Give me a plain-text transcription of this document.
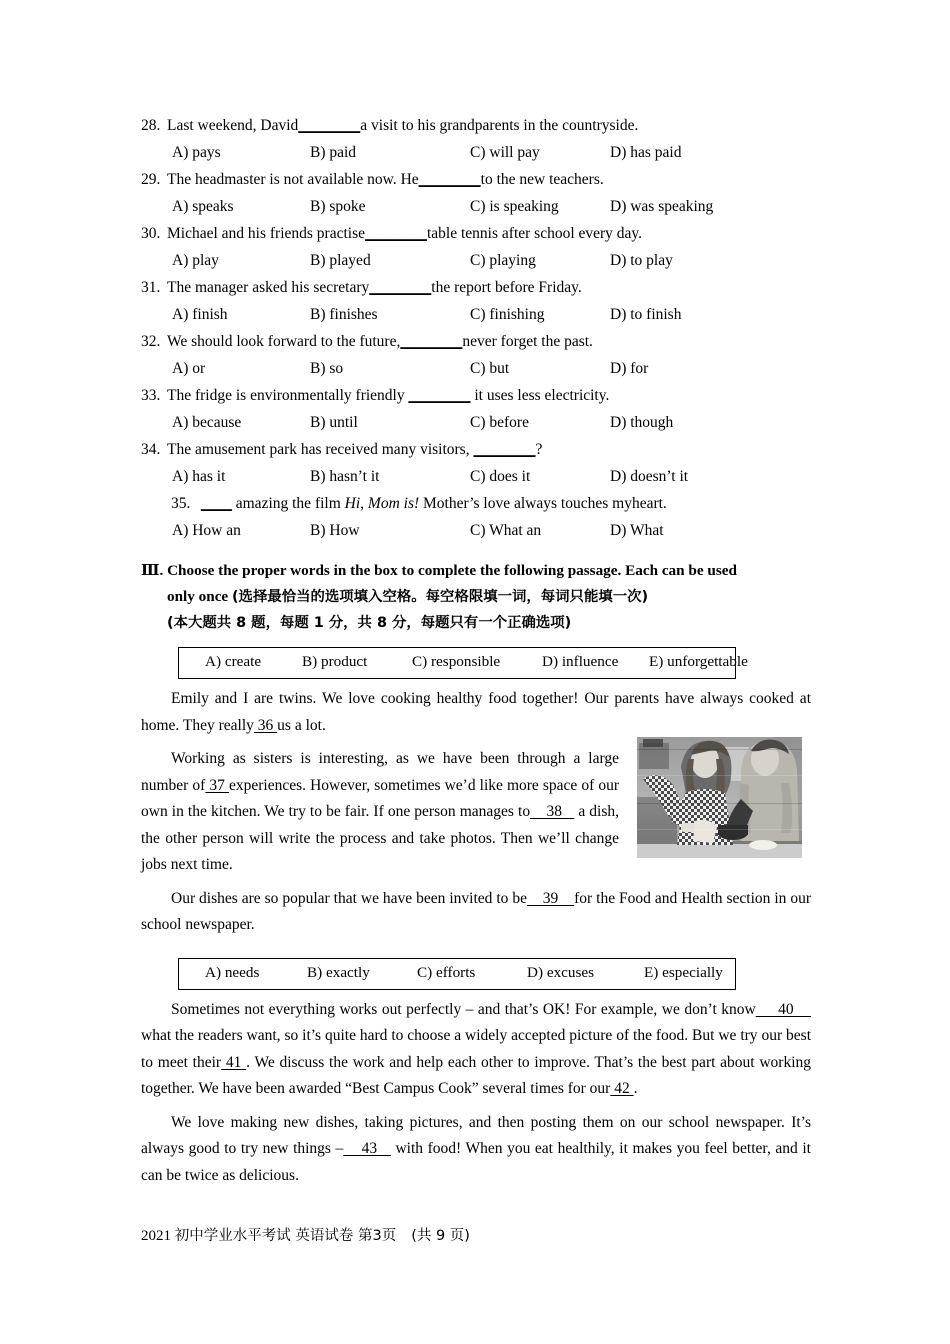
28. Last weekend, David________a visit to his grandparents in the countryside.
A) pays	B) paid	C) will pay	D) has paid
29. The headmaster is not available now. He________to the new teachers.
A) speaks	B) spoke	C) is speaking	D) was speaking
30. Michael and his friends practise________table tennis after school every day.
A) play	B) played	C) playing	D) to play
31. The manager asked his secretary________the report before Friday.
A) finish	B) finishes	C) finishing	D) to finish
32. We should look forward to the future,________never forget the past.
A) or	B) so	C) but	D) for
33. The fridge is environmentally friendly ________ it uses less electricity.
A) because	B) until	C) before	D) though
34. The amusement park has received many visitors, ________?
A) has it	B) hasn’t it	C) does it	D) doesn’t it
35. ____ amazing the film Hi, Mom is! Mother’s love always touches myheart.
A) How an	B) How	C) What an	D) What
Ⅲ. Choose the proper words in the box to complete the following passage. Each can be used
only once (选择最恰当的选项填入空格。每空格限填一词，每词只能填一次)
(本大题共 8 题，每题 1 分，共 8 分，每题只有一个正确选项)
A) create	B) product	C) responsible	D) influence E) unforgettable
Emily and I are twins. We love cooking healthy food together! Our parents have always cooked at home. They really 36 us a lot.
Working as sisters is interesting, as we have been through a large number of 37 experiences. However, sometimes we’d like more space of our own in the kitchen. We try to be fair. If one person manages to    38    a dish, the other person will write the process and take photos. Then we’ll change jobs next time.
Our dishes are so popular that we have been invited to be    39    for the Food and Health section in our school newspaper.
A) needs	B) exactly	C) efforts	D) excuses	E) especially
Sometimes not everything works out perfectly – and that’s OK! For example, we don’t know     40     what the readers want, so it’s quite hard to choose a widely accepted picture of the food. But we try our best to meet their 41 . We discuss the work and help each other to improve. That’s the best part about working together. We have been awarded “Best Campus Cook” several times for our 42 .
We love making new dishes, taking pictures, and then posting them on our school newspaper. It’s always good to try new things –    43    with food! When you eat healthily, it makes you feel better, and it can be twice as delicious.
2021 初中学业水平考试 英语试卷 第3页 (共 9 页)
